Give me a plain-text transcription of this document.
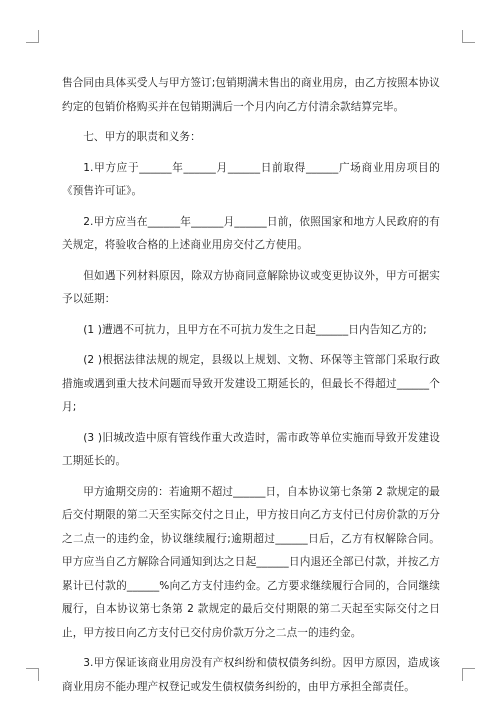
售合同由具体买受人与甲方签订;包销期满未售出的商业用房，由乙方按照本协议约定的包销价格购买并在包销期满后一个月内向乙方付清余款结算完毕。

七、甲方的职责和义务：

1.甲方应于______年______月______日前取得______广场商业用房项目的《预售许可证》。

2.甲方应当在______年______月______日前，依照国家和地方人民政府的有关规定，将验收合格的上述商业用房交付乙方使用。

但如遇下列材料原因，除双方协商同意解除协议或变更协议外，甲方可据实予以延期：

(1 )遭遇不可抗力，且甲方在不可抗力发生之日起______日内告知乙方的;

(2 )根据法律法规的规定，县级以上规划、文物、环保等主管部门采取行政措施或遇到重大技术问题而导致开发建设工期延长的，但最长不得超过______个月;

(3 )旧城改造中原有管线作重大改造时，需市政等单位实施而导致开发建设工期延长的。

甲方逾期交房的：若逾期不超过______日，自本协议第七条第 2 款规定的最后交付期限的第二天至实际交付之日止，甲方按日向乙方支付已付房价款的万分之二点一的违约金，协议继续履行;逾期超过______日后，乙方有权解除合同。甲方应当自乙方解除合同通知到达之日起______日内退还全部已付款，并按乙方累计已付款的______%向乙方支付违约金。乙方要求继续履行合同的，合同继续履行，自本协议第七条第 2 款规定的最后交付期限的第二天起至实际交付之日止，甲方按日向乙方支付已交付房价款万分之二点一的违约金。

3.甲方保证该商业用房没有产权纠纷和债权债务纠纷。因甲方原因，造成该商业用房不能办理产权登记或发生债权债务纠纷的，由甲方承担全部责任。
